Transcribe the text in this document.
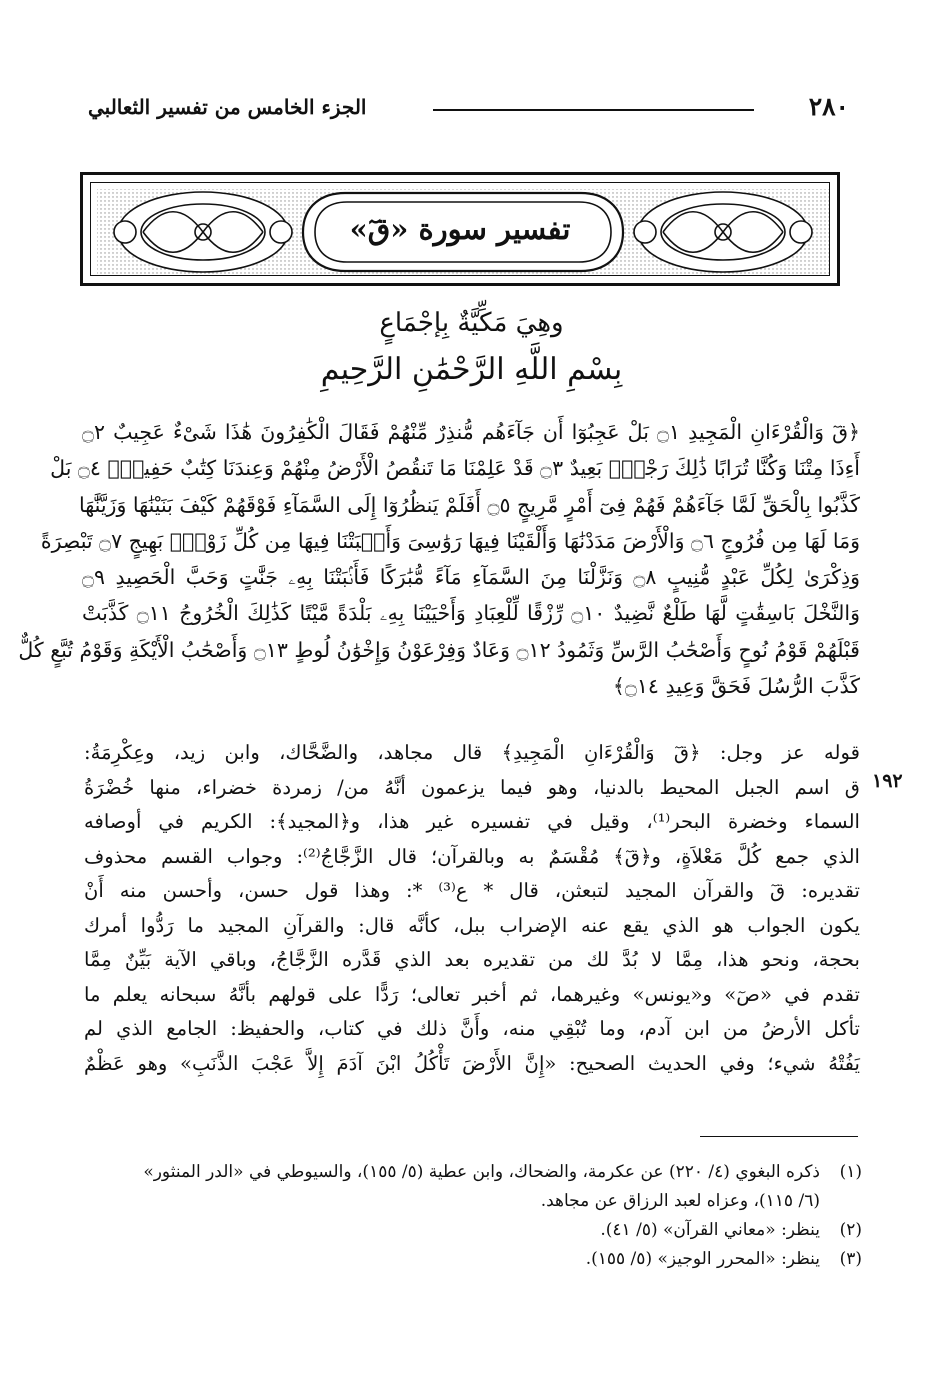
٢٨٠
الجزء الخامس من تفسير الثعالبي
تفسير سورة «قٓ»
وهِيَ مَكِّيَّةٌ بِإجْمَاعٍ
بِسْمِ اللَّهِ الرَّحْمَٰنِ الرَّحِيمِ
﴿قٓ وَالْقُرْءَانِ الْمَجِيدِ ۝١ بَلْ عَجِبُوٓا أَن جَآءَهُم مُّنذِرٌ مِّنْهُمْ فَقَالَ الْكَٰفِرُونَ هَٰذَا شَىْءٌ عَجِيبٌ ۝٢
أَءِذَا مِتْنَا وَكُنَّا تُرَابًا ذَٰلِكَ رَجْعٌۢ بَعِيدٌ ۝٣ قَدْ عَلِمْنَا مَا تَنقُصُ الْأَرْضُ مِنْهُمْ وَعِندَنَا كِتَٰبٌ حَفِيظٌۢ ۝٤ بَلْ
كَذَّبُوا بِالْحَقِّ لَمَّا جَآءَهُمْ فَهُمْ فِىٓ أَمْرٍ مَّرِيجٍ ۝٥ أَفَلَمْ يَنظُرُوٓا إِلَى السَّمَآءِ فَوْقَهُمْ كَيْفَ بَنَيْنَٰهَا وَزَيَّنَّٰهَا
وَمَا لَهَا مِن فُرُوجٍ ۝٦ وَالْأَرْضَ مَدَدْنَٰهَا وَأَلْقَيْنَا فِيهَا رَوَٰسِىَ وَأَنۢبَتْنَا فِيهَا مِن كُلِّ زَوْجٍۢ بَهِيجٍ ۝٧ تَبْصِرَةً
وَذِكْرَىٰ لِكُلِّ عَبْدٍ مُّنِيبٍ ۝٨ وَنَزَّلْنَا مِنَ السَّمَآءِ مَآءً مُّبَٰرَكًا فَأَنۢبَتْنَا بِهِۦ جَنَّٰتٍ وَحَبَّ الْحَصِيدِ ۝٩
وَالنَّخْلَ بَاسِقَٰتٍ لَّهَا طَلْعٌ نَّضِيدٌ ۝١٠ رِّزْقًا لِّلْعِبَادِ وَأَحْيَيْنَا بِهِۦ بَلْدَةً مَّيْتًا كَذَٰلِكَ الْخُرُوجُ ۝١١ كَذَّبَتْ
قَبْلَهُمْ قَوْمُ نُوحٍ وَأَصْحَٰبُ الرَّسِّ وَثَمُودُ ۝١٢ وَعَادٌ وَفِرْعَوْنُ وَإِخْوَٰنُ لُوطٍ ۝١٣ وَأَصْحَٰبُ الْأَيْكَةِ وَقَوْمُ تُبَّعٍ كُلٌّ
كَذَّبَ الرُّسُلَ فَحَقَّ وَعِيدِ ۝١٤﴾
١٩٢
قوله عز وجل: ﴿قٓ وَالْقُرْءَانِ الْمَجِيدِ﴾ قال مجاهد، والضَّحَّاك، وابن زيد، وعِكْرِمَةُ:
ق اسم الجبل المحيط بالدنيا، وهو فيما يزعمون أنَّهُ من/ زمردة خضراء، منها خُضْرَةُ
السماء وخضرة البحر⁽¹⁾، وقيل في تفسيره غير هذا، و﴿المجيد﴾: الكريم في أوصافه
الذي جمع كُلَّ مَعْلاَةٍ، و﴿قٓ﴾ مُقْسَمٌ به وبالقرآن؛ قال الزَّجَّاجُ⁽²⁾: وجواب القسم محذوف
تقديره: قٓ والقرآن المجيد لتبعثن، قال * ع⁽³⁾ *: وهذا قول حسن، وأحسن منه أَنْ
يكون الجواب هو الذي يقع عنه الإضراب ببل، كأنَّه قال: والقرآنِ المجيد ما رَدُّوا أمرك
بحجة، ونحو هذا، مِمَّا لا بُدَّ لك من تقديره بعد الذي قَدَّره الزَّجَّاجُ، وباقي الآية بَيِّنٌ مِمَّا
تقدم في «صٓ» و«يونس» وغيرهما، ثم أخبر تعالى؛ رَدًّا على قولهم بأنَّهُ سبحانه يعلم ما
تأكل الأرضُ من ابن آدم، وما تُبْقِي منه، وأَنَّ ذلك في كتاب، والحفيظ: الجامع الذي لم
يَفُتْهُ شيء؛ وفي الحديث الصحيح: «إِنَّ الأَرْضَ تَأْكُلُ ابْنَ آدَمَ إِلاَّ عَجْبَ الذَّنَبِ» وهو عَظْمٌ
(١)
ذكره البغوي (٤/ ٢٢٠) عن عكرمة، والضحاك، وابن عطية (٥/ ١٥٥)، والسيوطي في «الدر المنثور»
(٦/ ١١٥)، وعزاه لعبد الرزاق عن مجاهد.
(٢)
ينظر: «معاني القرآن» (٥/ ٤١).
(٣)
ينظر: «المحرر الوجيز» (٥/ ١٥٥).
